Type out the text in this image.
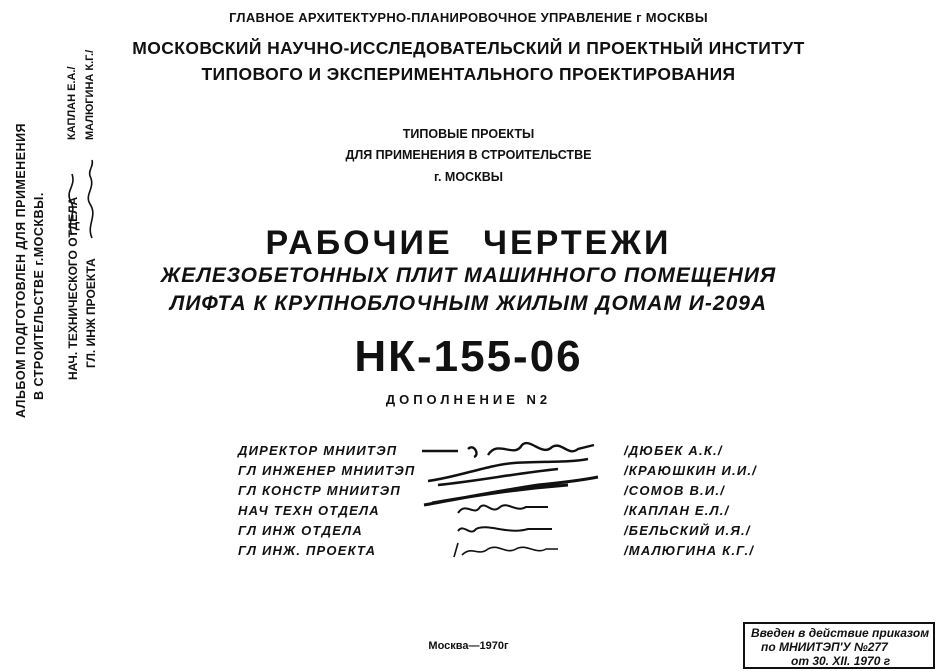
ГЛАВНОЕ АРХИТЕКТУРНО-ПЛАНИРОВОЧНОЕ УПРАВЛЕНИЕ г МОСКВЫ
МОСКОВСКИЙ НАУЧНО-ИССЛЕДОВАТЕЛЬСКИЙ И ПРОЕКТНЫЙ ИНСТИТУТ
ТИПОВОГО И ЭКСПЕРИМЕНТАЛЬНОГО ПРОЕКТИРОВАНИЯ
ТИПОВЫЕ ПРОЕКТЫ
ДЛЯ ПРИМЕНЕНИЯ В СТРОИТЕЛЬСТВЕ
г. МОСКВЫ
РАБОЧИЕ ЧЕРТЕЖИ
ЖЕЛЕЗОБЕТОННЫХ ПЛИТ МАШИННОГО ПОМЕЩЕНИЯ
ЛИФТА К КРУПНОБЛОЧНЫМ ЖИЛЫМ ДОМАМ И-209А
НК-155-06
ДОПОЛНЕНИЕ N2
АЛЬБОМ ПОДГОТОВЛЕН ДЛЯ ПРИМЕНЕНИЯ В СТРОИТЕЛЬСТВЕ г.МОСКВЫ. НАЧ. ТЕХНИЧЕСКОГО ОТДЕЛА ГЛ. ИНЖ ПРОЕКТА
КАПЛАН Е.А./ МАЛЮГИНА К.Г./
ДИРЕКТОР МНИИТЭП	/ДЮБЕК А.К./
ГЛ ИНЖЕНЕР МНИИТЭП	/КРАЮШКИН И.И./
ГЛ КОНСТР МНИИТЭП	/СОМОВ В.И./
НАЧ ТЕХН ОТДЕЛА	/КАПЛАН Е.Л./
ГЛ ИНЖ ОТДЕЛА	/БЕЛЬСКИЙ И.Я./
ГЛ ИНЖ. ПРОЕКТА	/МАЛЮГИНА К.Г./
Москва—1970г
Введен в действие приказом
по МНИИТЭП'У №277
от 30. XII. 1970 г
